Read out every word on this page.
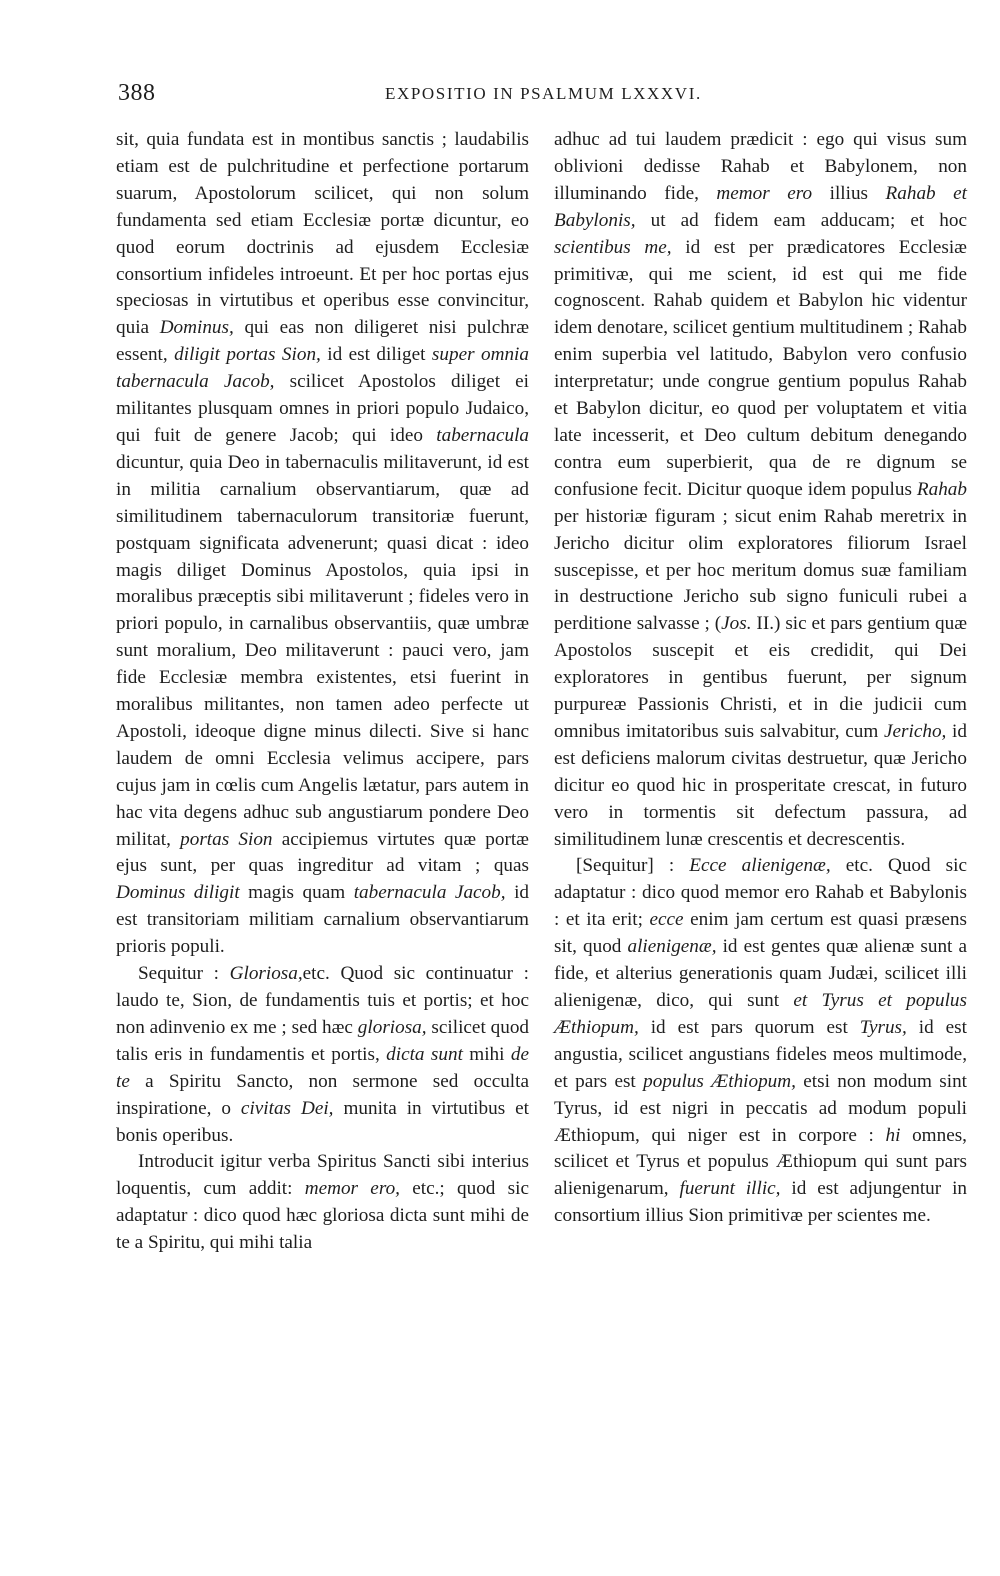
388	EXPOSITIO IN PSALMUM LXXXVI.

sit, quia fundata est in montibus sanctis ; laudabilis etiam est de pulchritudine et perfectione portarum suarum, Apostolorum scilicet, qui non solum fundamenta sed etiam Ecclesiæ portæ dicuntur, eo quod eorum doctrinis ad ejusdem Ecclesiæ consortium infideles introeunt. Et per hoc portas ejus speciosas in virtutibus et operibus esse convincitur, quia Dominus, qui eas non diligeret nisi pulchræ essent, diligit portas Sion, id est diliget super omnia tabernacula Jacob, scilicet Apostolos diliget ei militantes plusquam omnes in priori populo Judaico, qui fuit de genere Jacob; qui ideo tabernacula dicuntur, quia Deo in tabernaculis militaverunt, id est in militia carnalium observantiarum, quæ ad similitudinem tabernaculorum transitoriæ fuerunt, postquam significata advenerunt; quasi dicat : ideo magis diliget Dominus Apostolos, quia ipsi in moralibus præceptis sibi militaverunt ; fideles vero in priori populo, in carnalibus observantiis, quæ umbræ sunt moralium, Deo militaverunt : pauci vero, jam fide Ecclesiæ membra existentes, etsi fuerint in moralibus militantes, non tamen adeo perfecte ut Apostoli, ideoque digne minus dilecti. Sive si hanc laudem de omni Ecclesia velimus accipere, pars cujus jam in cœlis cum Angelis lætatur, pars autem in hac vita degens adhuc sub angustiarum pondere Deo militat, portas Sion accipiemus virtutes quæ portæ ejus sunt, per quas ingreditur ad vitam ; quas Dominus diligit magis quam tabernacula Jacob, id est transitoriam militiam carnalium observantiarum prioris populi.

Sequitur : Gloriosa,etc. Quod sic continuatur : laudo te, Sion, de fundamentis tuis et portis; et hoc non adinvenio ex me ; sed hæc gloriosa, scilicet quod talis eris in fundamentis et portis, dicta sunt mihi de te a Spiritu Sancto, non sermone sed occulta inspiratione, o civitas Dei, munita in virtutibus et bonis operibus.

Introducit igitur verba Spiritus Sancti sibi interius loquentis, cum addit: memor ero, etc.; quod sic adaptatur : dico quod hæc gloriosa dicta sunt mihi de te a Spiritu, qui mihi talia

adhuc ad tui laudem prædicit : ego qui visus sum oblivioni dedisse Rahab et Babylonem, non illuminando fide, memor ero illius Rahab et Babylonis, ut ad fidem eam adducam; et hoc scientibus me, id est per prædicatores Ecclesiæ primitivæ, qui me scient, id est qui me fide cognoscent. Rahab quidem et Babylon hic videntur idem denotare, scilicet gentium multitudinem ; Rahab enim superbia vel latitudo, Babylon vero confusio interpretatur; unde congrue gentium populus Rahab et Babylon dicitur, eo quod per voluptatem et vitia late incesserit, et Deo cultum debitum denegando contra eum superbierit, qua de re dignum se confusione fecit. Dicitur quoque idem populus Rahab per historiæ figuram ; sicut enim Rahab meretrix in Jericho dicitur olim exploratores filiorum Israel suscepisse, et per hoc meritum domus suæ familiam in destructione Jericho sub signo funiculi rubei a perditione salvasse ; (Jos. II.) sic et pars gentium quæ Apostolos suscepit et eis credidit, qui Dei exploratores in gentibus fuerunt, per signum purpureæ Passionis Christi, et in die judicii cum omnibus imitatoribus suis salvabitur, cum Jericho, id est deficiens malorum civitas destruetur, quæ Jericho dicitur eo quod hic in prosperitate crescat, in futuro vero in tormentis sit defectum passura, ad similitudinem lunæ crescentis et decrescentis.

[Sequitur] : Ecce alienigenæ, etc. Quod sic adaptatur : dico quod memor ero Rahab et Babylonis : et ita erit; ecce enim jam certum est quasi præsens sit, quod alienigenæ, id est gentes quæ alienæ sunt a fide, et alterius generationis quam Judæi, scilicet illi alienigenæ, dico, qui sunt et Tyrus et populus Æthiopum, id est pars quorum est Tyrus, id est angustia, scilicet angustians fideles meos multimode, et pars est populus Æthiopum, etsi non modum sint Tyrus, id est nigri in peccatis ad modum populi Æthiopum, qui niger est in corpore : hi omnes, scilicet et Tyrus et populus Æthiopum qui sunt pars alienigenarum, fuerunt illic, id est adjungentur in consortium illius Sion primitivæ per scientes me.
